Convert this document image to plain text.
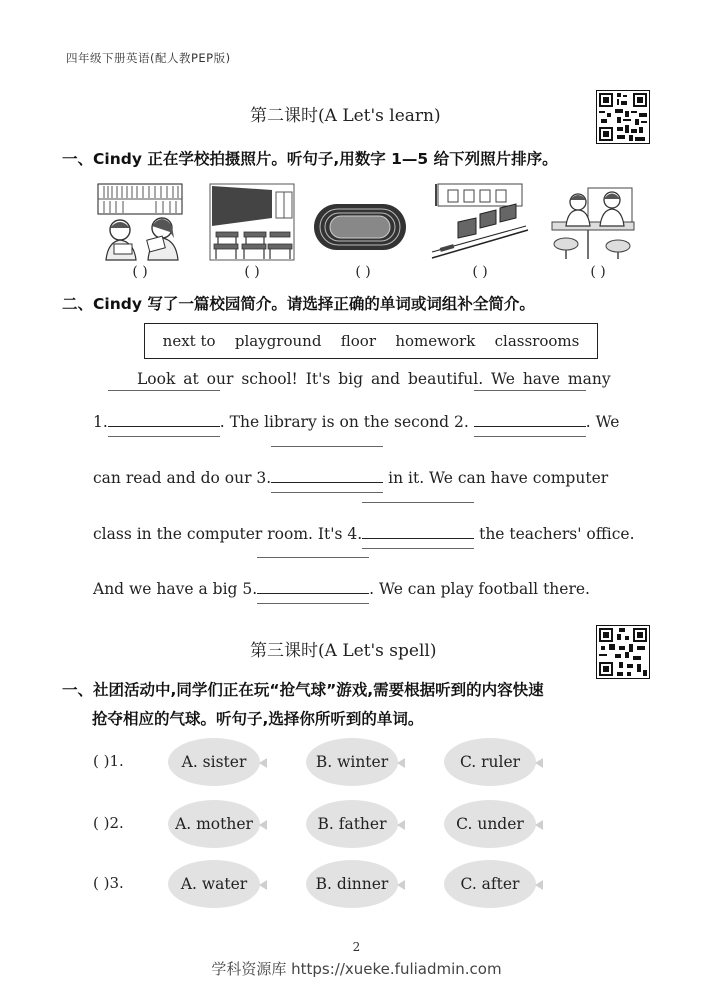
四年级下册英语(配人教PEP版)
第二课时(A Let's learn)
一、Cindy 正在学校拍摄照片。听句子,用数字 1—5 给下列照片排序。
( )	( )	( )	( )	( )
二、Cindy 写了一篇校园简介。请选择正确的单词或词组补全简介。
next to playground floor homework classrooms
Look at our school! It's big and beautiful. We have many
1.	. The library is on the second 2.	. We
can read and do our 3.	in it. We can have computer
class in the computer room. It's 4.	the teachers' office.
And we have a big 5.	. We can play football there.
第三课时(A Let's spell)
一、社团活动中,同学们正在玩“抢气球”游戏,需要根据听到的内容快速
抢夺相应的气球。听句子,选择你所听到的单词。
( )1.	A. sister	B. winter	C. ruler
( )2.	A. mother	B. father	C. under
( )3.	A. water	B. dinner	C. after
2
学科资源库 https://xueke.fuliadmin.com
